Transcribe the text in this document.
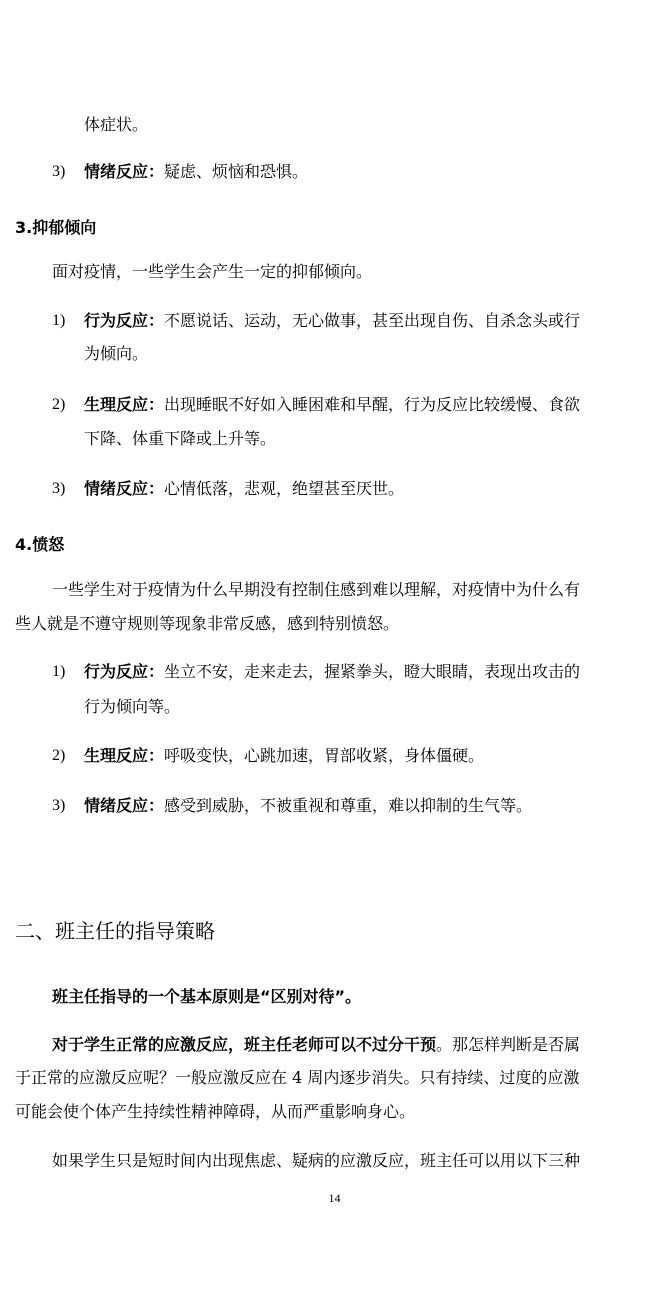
体症状。
3) 情绪反应：疑虑、烦恼和恐惧。
3.抑郁倾向
面对疫情，一些学生会产生一定的抑郁倾向。
1) 行为反应：不愿说话、运动，无心做事，甚至出现自伤、自杀念头或行
为倾向。
2) 生理反应：出现睡眠不好如入睡困难和早醒，行为反应比较缓慢、食欲
下降、体重下降或上升等。
3) 情绪反应：心情低落，悲观，绝望甚至厌世。
4.愤怒
一些学生对于疫情为什么早期没有控制住感到难以理解，对疫情中为什么有
些人就是不遵守规则等现象非常反感，感到特别愤怒。
1) 行为反应：坐立不安，走来走去，握紧拳头，瞪大眼睛，表现出攻击的
行为倾向等。
2) 生理反应：呼吸变快，心跳加速，胃部收紧，身体僵硬。
3) 情绪反应：感受到威胁，不被重视和尊重，难以抑制的生气等。
二、班主任的指导策略
班主任指导的一个基本原则是“区别对待”。
对于学生正常的应激反应，班主任老师可以不过分干预。那怎样判断是否属
于正常的应激反应呢？一般应激反应在 4 周内逐步消失。只有持续、过度的应激
可能会使个体产生持续性精神障碍，从而严重影响身心。
如果学生只是短时间内出现焦虑、疑病的应激反应，班主任可以用以下三种
14
